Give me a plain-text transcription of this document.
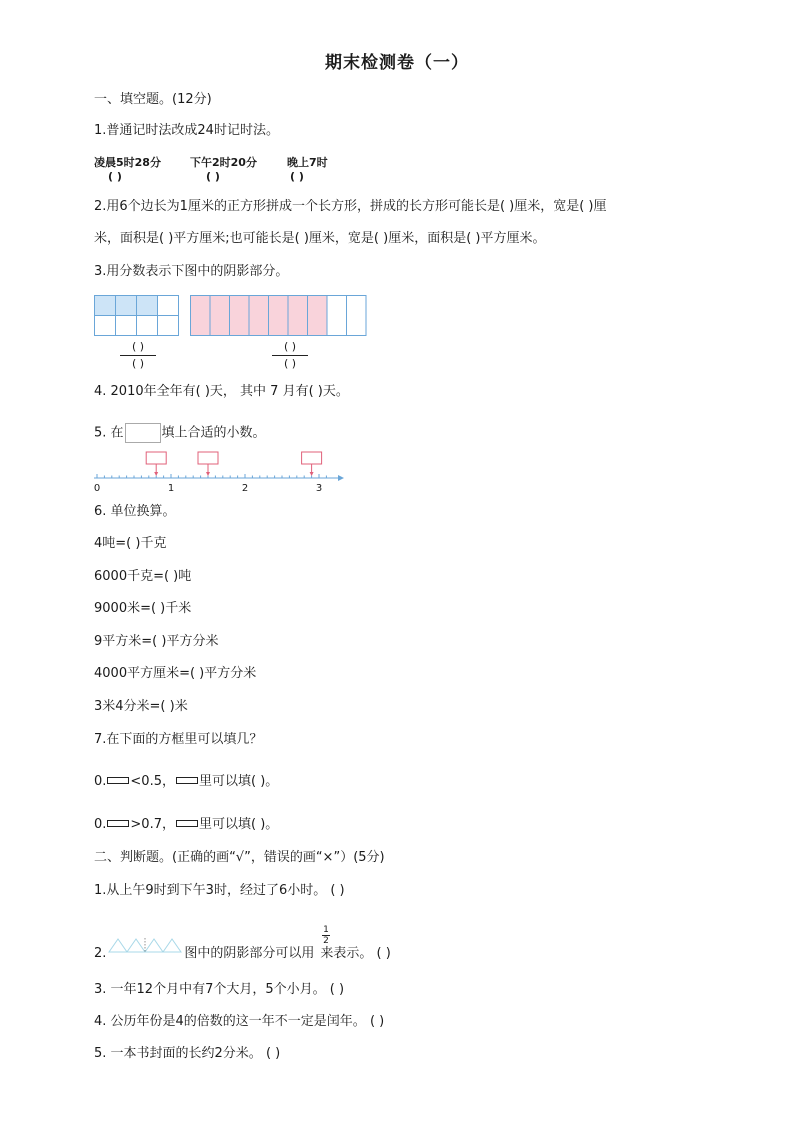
期末检测卷（一）
一、填空题。(12分)
1.普通记时法改成24时记时法。
凌晨5时28分	下午2时20分	晚上7时
( )	( )	( )
2.用6个边长为1厘米的正方形拼成一个长方形，拼成的长方形可能长是( )厘米，宽是( )厘
米，面积是( )平方厘米;也可能长是( )厘米，宽是( )厘米，面积是( )平方厘米。
3.用分数表示下图中的阴影部分。
( )
( )
( )
( )
4. 2010年全年有( )天， 其中 7 月有( )天。
5. 在	填上合适的小数。
0	1	2	3
6. 单位换算。
4吨=( )千克
6000千克=( )吨
9000米=( )千米
9平方米=( )平方分米
4000平方厘米=( )平方分米
3米4分米=( )米
7.在下面的方框里可以填几？
0. <0.5， 里可以填( )。
0. >0.7， 里可以填( )。
二、判断题。(正确的画“√”，错误的画“×”）(5分)
1.从上午9时到下午3时，经过了6小时。 ( )
2.	图中的阴影部分可以用 来表示。 ( )
1
2
3. 一年12个月中有7个大月，5个小月。 ( )
4. 公历年份是4的倍数的这一年不一定是闰年。 ( )
5. 一本书封面的长约2分米。 ( )
